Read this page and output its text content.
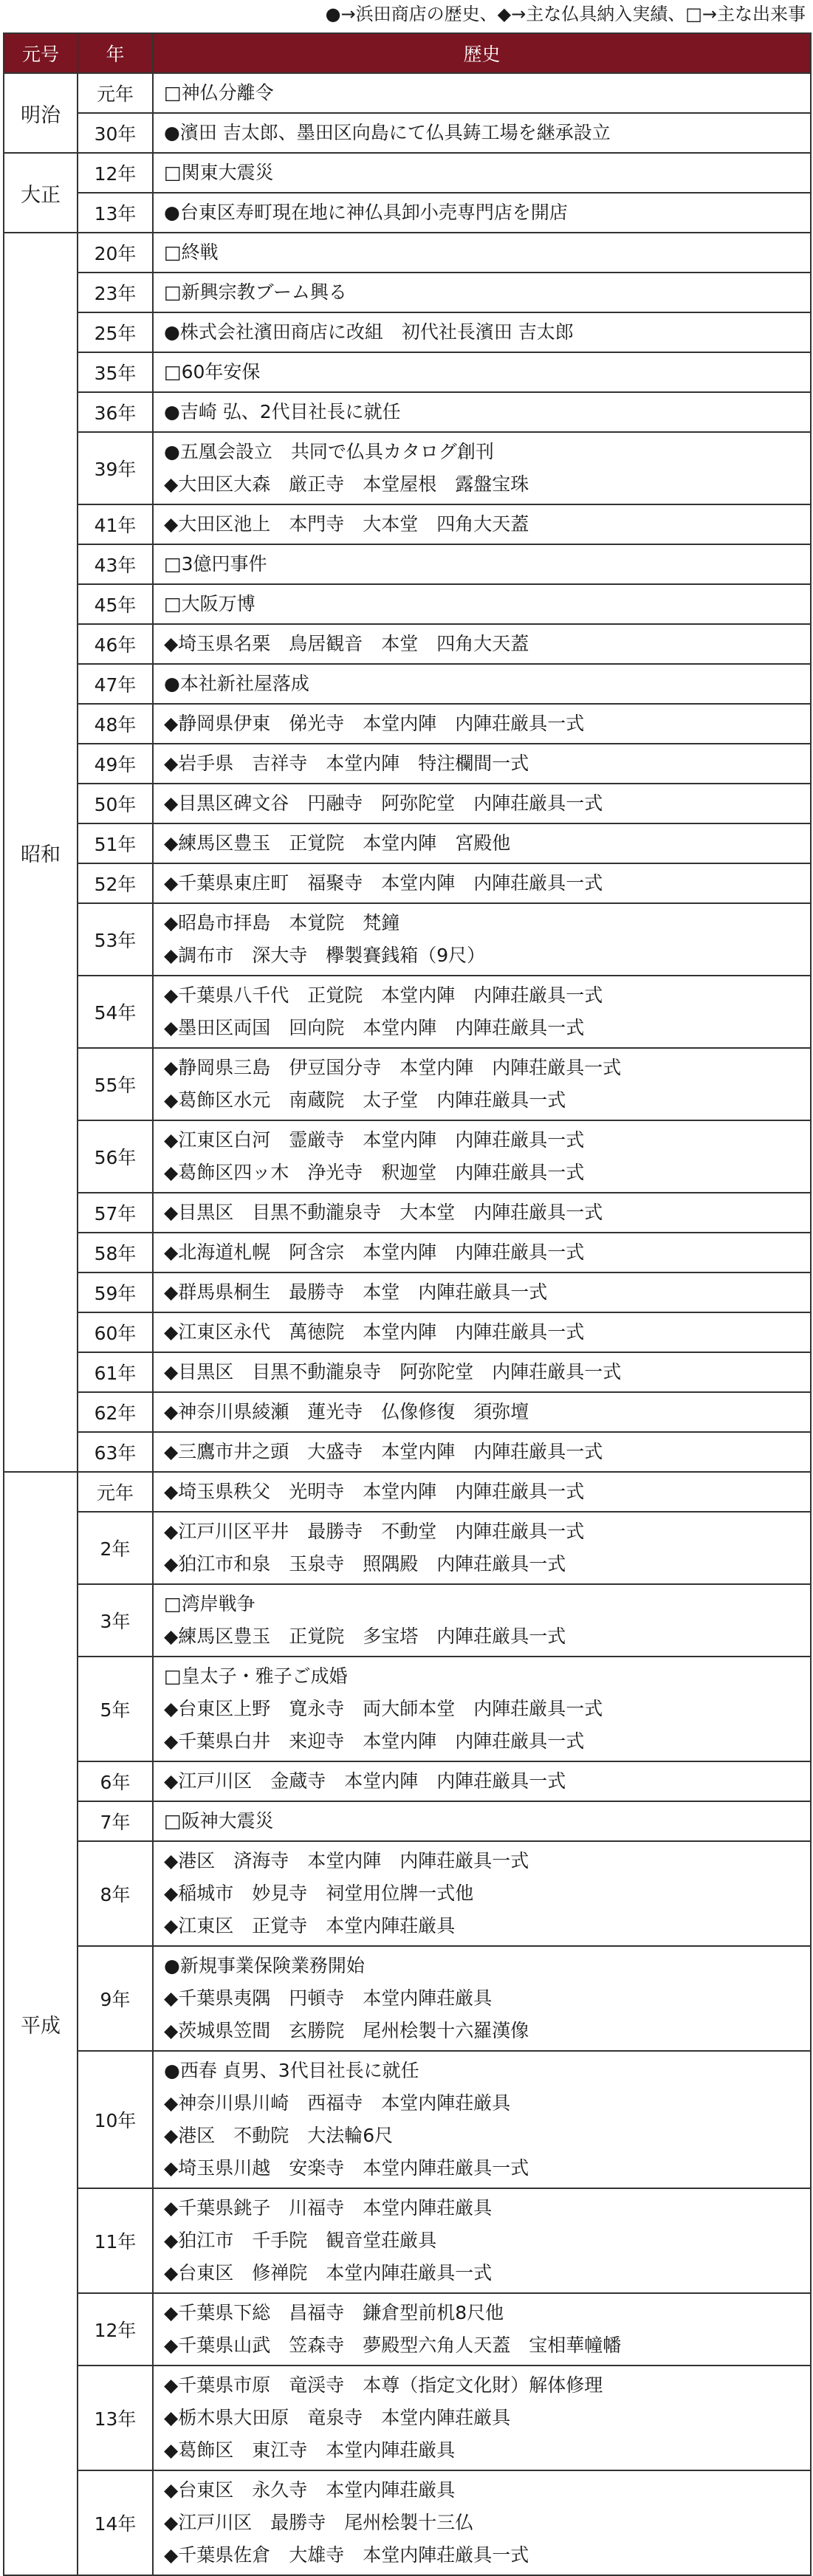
●→浜田商店の歴史、◆→主な仏具納入実績、□→主な出来事
元号	年	歴史
明治	元年	□神仏分離令

	30年	●濱田 吉太郎、墨田区向島にて仏具鋳工場を継承設立

大正	12年	□関東大震災

	13年	●台東区寿町現在地に神仏具卸小売専門店を開店

昭和	20年	□終戦

	23年	□新興宗教ブーム興る

	25年	●株式会社濱田商店に改組　初代社長濱田 吉太郎

	35年	□60年安保

	36年	●吉崎 弘、2代目社長に就任

	39年	●五凰会設立　共同で仏具カタログ創刊
◆大田区大森　厳正寺　本堂屋根　露盤宝珠

	41年	◆大田区池上　本門寺　大本堂　四角大天蓋

	43年	□3億円事件

	45年	□大阪万博

	46年	◆埼玉県名栗　鳥居観音　本堂　四角大天蓋

	47年	●本社新社屋落成

	48年	◆静岡県伊東　俤光寺　本堂内陣　内陣荘厳具一式

	49年	◆岩手県　吉祥寺　本堂内陣　特注欄間一式

	50年	◆目黒区碑文谷　円融寺　阿弥陀堂　内陣荘厳具一式

	51年	◆練馬区豊玉　正覚院　本堂内陣　宮殿他

	52年	◆千葉県東庄町　福聚寺　本堂内陣　内陣荘厳具一式

	53年	◆昭島市拝島　本覚院　梵鐘
◆調布市　深大寺　欅製賽銭箱（9尺）

	54年	◆千葉県八千代　正覚院　本堂内陣　内陣荘厳具一式
◆墨田区両国　回向院　本堂内陣　内陣荘厳具一式

	55年	◆静岡県三島　伊豆国分寺　本堂内陣　内陣荘厳具一式
◆葛飾区水元　南蔵院　太子堂　内陣荘厳具一式

	56年	◆江東区白河　霊厳寺　本堂内陣　内陣荘厳具一式
◆葛飾区四ッ木　浄光寺　釈迦堂　内陣荘厳具一式

	57年	◆目黒区　目黒不動瀧泉寺　大本堂　内陣荘厳具一式

	58年	◆北海道札幌　阿含宗　本堂内陣　内陣荘厳具一式

	59年	◆群馬県桐生　最勝寺　本堂　内陣荘厳具一式

	60年	◆江東区永代　萬徳院　本堂内陣　内陣荘厳具一式

	61年	◆目黒区　目黒不動瀧泉寺　阿弥陀堂　内陣荘厳具一式

	62年	◆神奈川県綾瀬　蓮光寺　仏像修復　須弥壇

	63年	◆三鷹市井之頭　大盛寺　本堂内陣　内陣荘厳具一式

平成	元年	◆埼玉県秩父　光明寺　本堂内陣　内陣荘厳具一式

	2年	◆江戸川区平井　最勝寺　不動堂　内陣荘厳具一式
◆狛江市和泉　玉泉寺　照隅殿　内陣荘厳具一式

	3年	□湾岸戦争
◆練馬区豊玉　正覚院　多宝塔　内陣荘厳具一式

	5年	□皇太子・雅子ご成婚
◆台東区上野　寛永寺　両大師本堂　内陣荘厳具一式
◆千葉県白井　来迎寺　本堂内陣　内陣荘厳具一式

	6年	◆江戸川区　金蔵寺　本堂内陣　内陣荘厳具一式

	7年	□阪神大震災

	8年	◆港区　済海寺　本堂内陣　内陣荘厳具一式
◆稲城市　妙見寺　祠堂用位牌一式他
◆江東区　正覚寺　本堂内陣荘厳具

	9年	●新規事業保険業務開始
◆千葉県夷隅　円頓寺　本堂内陣荘厳具
◆茨城県笠間　玄勝院　尾州桧製十六羅漢像

	10年	●西春 貞男、3代目社長に就任
◆神奈川県川崎　西福寺　本堂内陣荘厳具
◆港区　不動院　大法輪6尺
◆埼玉県川越　安楽寺　本堂内陣荘厳具一式

	11年	◆千葉県銚子　川福寺　本堂内陣荘厳具
◆狛江市　千手院　観音堂荘厳具
◆台東区　修禅院　本堂内陣荘厳具一式

	12年	◆千葉県下総　昌福寺　鎌倉型前机8尺他
◆千葉県山武　笠森寺　夢殿型六角人天蓋　宝相華幢幡

	13年	◆千葉県市原　竜渓寺　本尊（指定文化財）解体修理
◆栃木県大田原　竜泉寺　本堂内陣荘厳具
◆葛飾区　東江寺　本堂内陣荘厳具

	14年	◆台東区　永久寺　本堂内陣荘厳具
◆江戸川区　最勝寺　尾州桧製十三仏
◆千葉県佐倉　大雄寺　本堂内陣荘厳具一式
